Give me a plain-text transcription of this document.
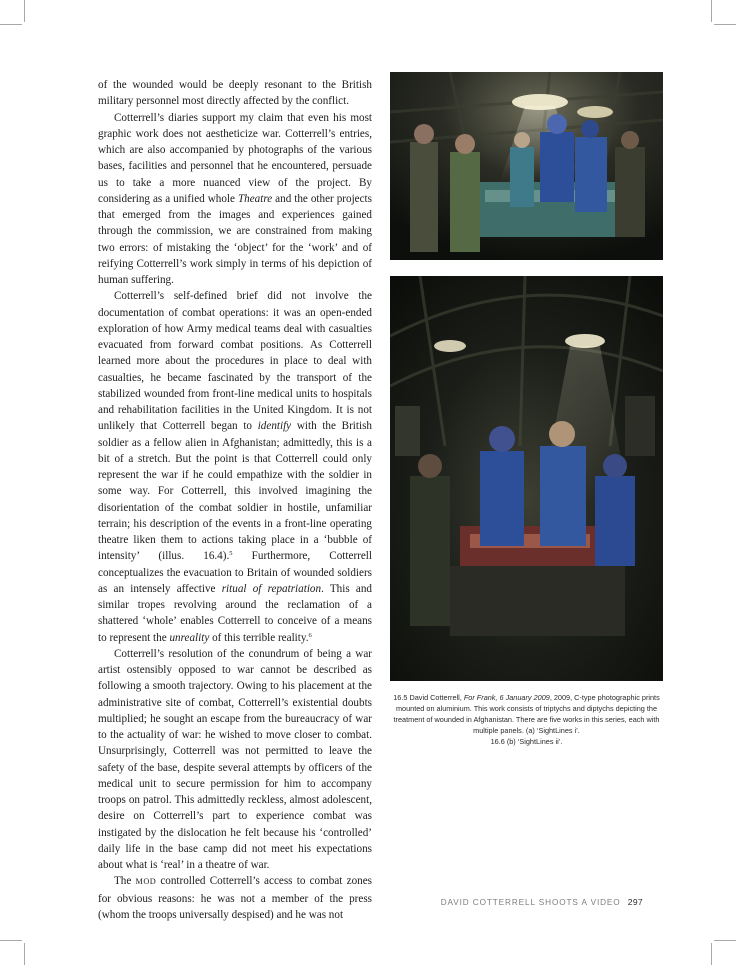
of the wounded would be deeply resonant to the British military personnel most directly affected by the conflict.

Cotterrell’s diaries support my claim that even his most graphic work does not aestheticize war. Cotterrell’s entries, which are also accompanied by photographs of the various bases, facilities and personnel that he encountered, persuade us to take a more nuanced view of the project. By considering as a unified whole Theatre and the other projects that emerged from the images and experiences gained through the commission, we are constrained from making two errors: of mistaking the ‘object’ for the ‘work’ and of reifying Cotterrell’s work simply in terms of his depiction of human suffering.

Cotterrell’s self-defined brief did not involve the documentation of combat operations: it was an open-ended exploration of how Army medical teams deal with casualties evacuated from forward combat positions. As Cotterrell learned more about the procedures in place to deal with casualties, he became fascinated by the transport of the stabilized wounded from front-line medical units to hospitals and rehabilitation facilities in the United Kingdom. It is not unlikely that Cotterrell began to identify with the British soldier as a fellow alien in Afghanistan; admittedly, this is a bit of a stretch. But the point is that Cotterrell could only represent the war if he could empathize with the soldier in some way. For Cotterrell, this involved imagining the disorientation of the combat soldier in hostile, unfamiliar terrain; his description of the events in a front-line operating theatre liken them to actions taking place in a ‘bubble of intensity’ (illus. 16.4).$^5$ Furthermore, Cotterrell conceptualizes the evacuation to Britain of wounded soldiers as an intensely affective ritual of repatriation. This and similar tropes revolving around the reclamation of a shattered ‘whole’ enables Cotterrell to conceive of a means to represent the unreality of this terrible reality.$^6$

Cotterrell’s resolution of the conundrum of being a war artist ostensibly opposed to war cannot be described as following a smooth trajectory. Owing to his placement at the administrative site of combat, Cotterrell’s existential doubts multiplied; he sought an escape from the bureaucracy of war to the actuality of war: he wished to move closer to combat. Unsurprisingly, Cotterrell was not permitted to leave the safety of the base, despite several attempts by officers of the medical unit to secure permission for him to accompany troops on patrol. This admittedly reckless, almost adolescent, desire on Cotterrell’s part to experience combat was instigated by the dislocation he felt because his ‘controlled’ daily life in the base camp did not meet his expectations about what is ‘real’ in a theatre of war.

The MOD controlled Cotterrell’s access to combat zones for obvious reasons: he was not a member of the press (whom the troops universally despised) and he was not

16.5 David Cotterrell, For Frank, 6 January 2009, 2009, C-type photographic prints mounted on aluminium. This work consists of triptychs and diptychs depicting the treatment of wounded in Afghanistan. There are five works in this series, each with multiple panels. (a) ‘SightLines i’.

16.6 (b) ‘SightLines ii’.

DAVID COTTERRELL SHOOTS A VIDEO 297
